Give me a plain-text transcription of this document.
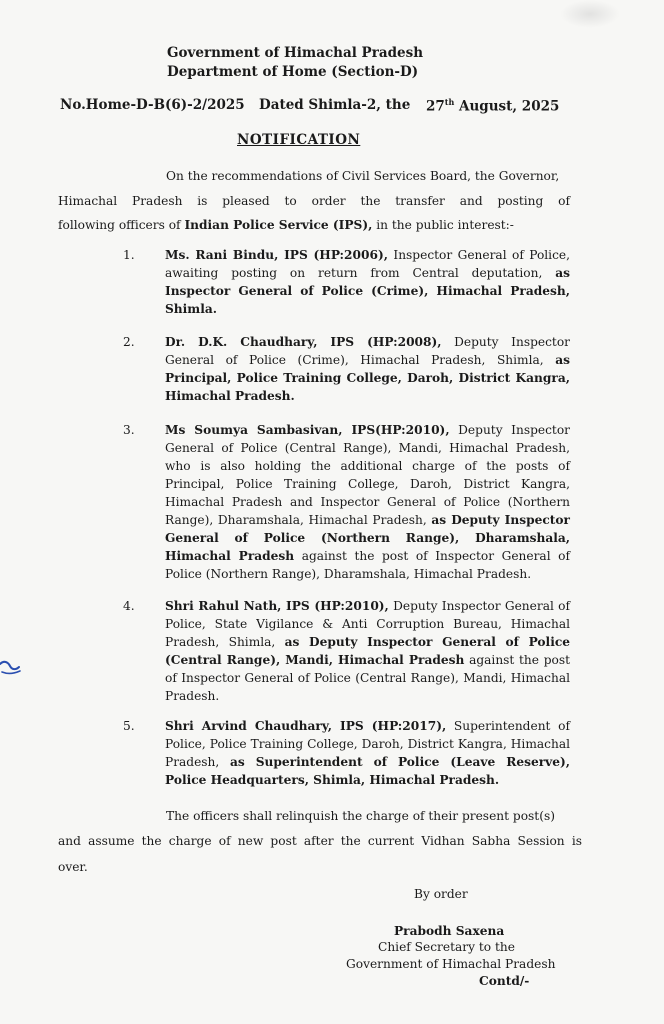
Government of Himachal Pradesh
Department of Home (Section-D)
No.Home-D-B(6)-2/2025 Dated Shimla-2, the 27th August, 2025
NOTIFICATION
On the recommendations of Civil Services Board, the Governor,
Himachal Pradesh is pleased to order the transfer and posting of
following officers of Indian Police Service (IPS), in the public interest:-
1. Ms. Rani Bindu, IPS (HP:2006), Inspector General of Police, awaiting posting on return from Central deputation, as Inspector General of Police (Crime), Himachal Pradesh, Shimla.
2. Dr. D.K. Chaudhary, IPS (HP:2008), Deputy Inspector General of Police (Crime), Himachal Pradesh, Shimla, as Principal, Police Training College, Daroh, District Kangra, Himachal Pradesh.
3. Ms Soumya Sambasivan, IPS(HP:2010), Deputy Inspector General of Police (Central Range), Mandi, Himachal Pradesh, who is also holding the additional charge of the posts of Principal, Police Training College, Daroh, District Kangra, Himachal Pradesh and Inspector General of Police (Northern Range), Dharamshala, Himachal Pradesh, as Deputy Inspector General of Police (Northern Range), Dharamshala, Himachal Pradesh against the post of Inspector General of Police (Northern Range), Dharamshala, Himachal Pradesh.
4. Shri Rahul Nath, IPS (HP:2010), Deputy Inspector General of Police, State Vigilance & Anti Corruption Bureau, Himachal Pradesh, Shimla, as Deputy Inspector General of Police (Central Range), Mandi, Himachal Pradesh against the post of Inspector General of Police (Central Range), Mandi, Himachal Pradesh.
5. Shri Arvind Chaudhary, IPS (HP:2017), Superintendent of Police, Police Training College, Daroh, District Kangra, Himachal Pradesh, as Superintendent of Police (Leave Reserve), Police Headquarters, Shimla, Himachal Pradesh.
The officers shall relinquish the charge of their present post(s)
and assume the charge of new post after the current Vidhan Sabha Session is
over.
By order
Prabodh Saxena
Chief Secretary to the
Government of Himachal Pradesh
Contd/-
